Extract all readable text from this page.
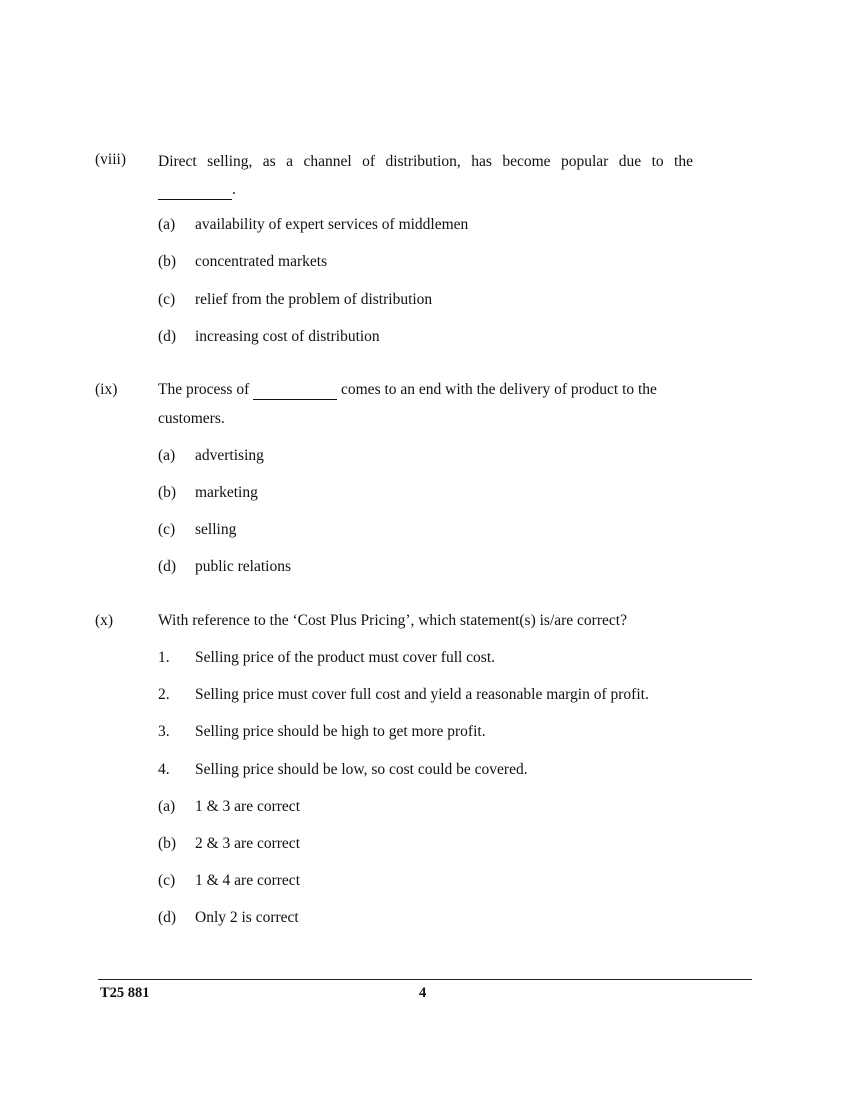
(viii) Direct selling, as a channel of distribution, has become popular due to the
.
(a) availability of expert services of middlemen
(b) concentrated markets
(c) relief from the problem of distribution
(d) increasing cost of distribution
(ix)	The process of	comes to an end with the delivery of product to the
customers.
(a) advertising
(b) marketing
(c) selling
(d) public relations
(x)	With reference to the ‘Cost Plus Pricing’, which statement(s) is/are correct?
1. Selling price of the product must cover full cost.
2. Selling price must cover full cost and yield a reasonable margin of profit.
3. Selling price should be high to get more profit.
4. Selling price should be low, so cost could be covered.
(a) 1 & 3 are correct
(b) 2 & 3 are correct
(c) 1 & 4 are correct
(d) Only 2 is correct
T25 881	4
